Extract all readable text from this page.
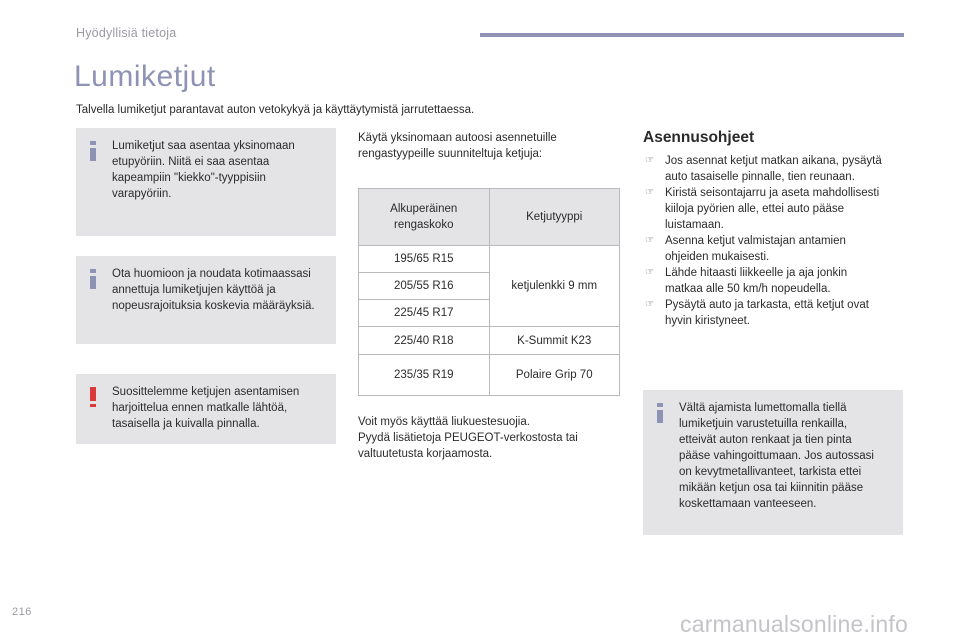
Hyödyllisiä tietoja
Lumiketjut
Talvella lumiketjut parantavat auton vetokykyä ja käyttäytymistä jarrutettaessa.

Lumiketjut saa asentaa yksinomaan

etupyöriin. Niitä ei saa asentaa

kapeampiin "kiekko"-tyyppisiin

varapyöriin.

Ota huomioon ja noudata kotimaassasi

annettuja lumiketjujen käyttöä ja

nopeusrajoituksia koskevia määräyksiä.

Suosittelemme ketjujen asentamisen

harjoittelua ennen matkalle lähtöä,

tasaisella ja kuivalla pinnalla.

Käytä yksinomaan autoosi asennetuille
rengastyypeille suunniteltuja ketjuja:
Alkuperäinen
rengaskoko	Ketjutyyppi
195/65 R15	ketjulenkki 9 mm
205/55 R16	
225/45 R17	
225/40 R18	K-Summit K23
235/35 R19	Polaire Grip 70
Voit myös käyttää liukuestesuojia.
Pyydä lisätietoja PEUGEOT-verkostosta tai
valtuutetusta korjaamosta.
Asennusohjeet
☞ Jos asennat ketjut matkan aikana, pysäytä
auto tasaiselle pinnalle, tien reunaan.
☞ Kiristä seisontajarru ja aseta mahdollisesti
kiiloja pyörien alle, ettei auto pääse
luistamaan.
☞ Asenna ketjut valmistajan antamien
ohjeiden mukaisesti.
☞ Lähde hitaasti liikkeelle ja aja jonkin
matkaa alle 50 km/h nopeudella.
☞ Pysäytä auto ja tarkasta, että ketjut ovat
hyvin kiristyneet.

Vältä ajamista lumettomalla tiellä

lumiketjuin varustetuilla renkailla,

etteivät auton renkaat ja tien pinta

pääse vahingoittumaan. Jos autossasi

on kevytmetallivanteet, tarkista ettei

mikään ketjun osa tai kiinnitin pääse

koskettamaan vanteeseen.

216	carmanualsonline.info
